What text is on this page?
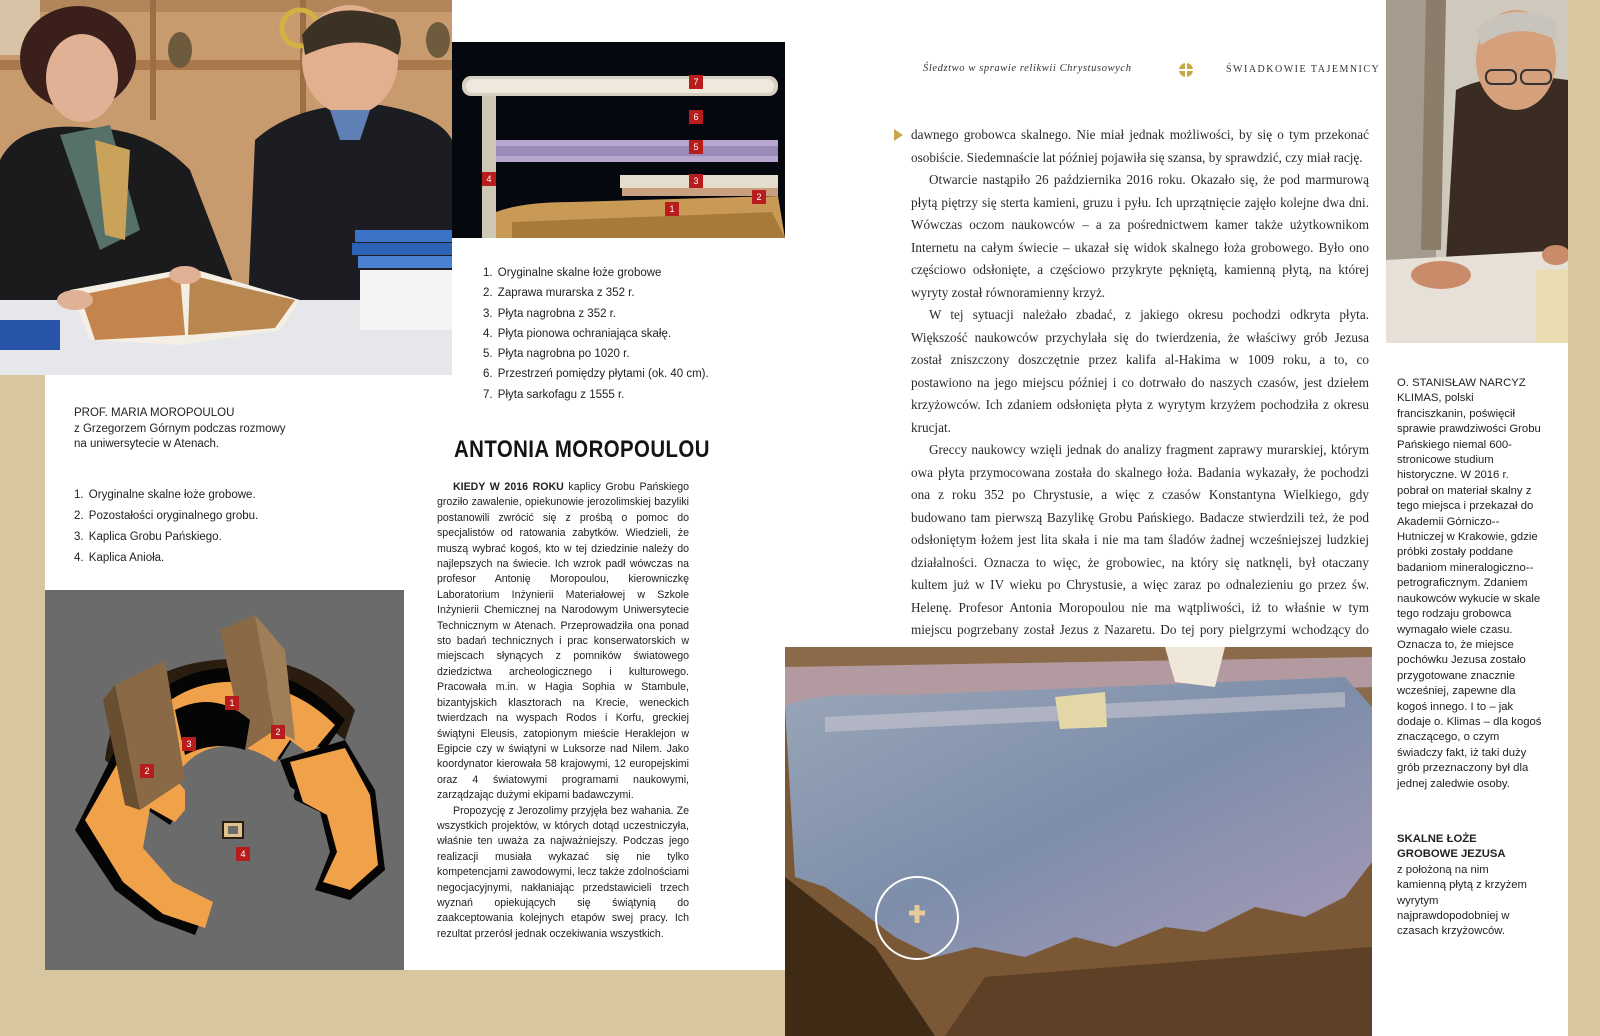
PROF. MARIA MOROPOULOU
z Grzegorzem Górnym podczas rozmowy na uniwersytecie w Atenach.
1. Oryginalne skalne łoże grobowe.
2. Pozostałości oryginalnego grobu.
3. Kaplica Grobu Pańskiego.
4. Kaplica Anioła.
1
2
2
3
4
7
6
5
4	3
2
1
1. Oryginalne skalne łoże grobowe
2. Zaprawa murarska z 352 r.
3. Płyta nagrobna z 352 r.
4. Płyta pionowa ochraniająca skałę.
5. Płyta nagrobna po 1020 r.
6. Przestrzeń pomiędzy płytami (ok. 40 cm).
7. Płyta sarkofagu z 1555 r.
ANTONIA MOROPOULOU

KIEDY W 2016 ROKU kaplicy Grobu Pańskiego groziło zawalenie, opiekunowie jerozolimskiej bazyliki postanowili zwrócić się z prośbą o pomoc do specjalistów od ratowania zabytków. Wiedzieli, że muszą wybrać kogoś, kto w tej dziedzinie należy do najlepszych na świecie. Ich wzrok padł wówczas na profesor Antonię Moropoulou, kierowniczkę Laboratorium Inżynierii Materiałowej w Szkole Inżynierii Chemicznej na Narodowym Uniwersytecie Technicznym w Atenach. Przeprowadziła ona ponad sto badań technicznych i prac konserwatorskich w miejscach słynących z pomników światowego dziedzictwa archeologicznego i kulturowego. Pracowała m.in. w Hagia Sophia w Stambule, bizantyjskich klasztorach na Krecie, weneckich twierdzach na wyspach Rodos i Korfu, greckiej świątyni Eleusis, zatopionym mieście Heraklejon w Egipcie czy w świątyni w Luksorze nad Nilem. Jako koordynator kierowała 58 krajowymi, 12 europejskimi oraz 4 światowymi programami naukowymi, zarządzając dużymi ekipami badawczymi.

Propozycję z Jerozolimy przyjęła bez wahania. Ze wszystkich projektów, w których dotąd uczestniczyła, właśnie ten uważa za najważniejszy. Podczas jego realizacji musiała wykazać się nie tylko kompetencjami zawodowymi, lecz także zdolnościami negocjacyjnymi, nakłaniając przedstawicieli trzech wyznań opiekujących się świątynią do zaakceptowania kolejnych etapów swej pracy. Ich rezultat przerósł jednak oczekiwania wszystkich.

Śledztwo w sprawie relikwii Chrystusowych	ŚWIADKOWIE TAJEMNICY

dawnego grobowca skalnego. Nie miał jednak możliwości, by się o tym przekonać osobiście. Siedemnaście lat później pojawiła się szansa, by sprawdzić, czy miał rację.

Otwarcie nastąpiło 26 października 2016 roku. Okazało się, że pod marmurową płytą piętrzy się sterta kamieni, gruzu i pyłu. Ich uprzątnięcie zajęło kolejne dwa dni. Wówczas oczom naukowców – a za pośrednictwem kamer także użytkownikom Internetu na całym świecie – ukazał się widok skalnego łoża grobowego. Było ono częściowo odsłonięte, a częściowo przykryte pękniętą, kamienną płytą, na której wyryty został równoramienny krzyż.

W tej sytuacji należało zbadać, z jakiego okresu pochodzi odkryta płyta. Większość naukowców przychylała się do twierdzenia, że właściwy grób Jezusa został zniszczony doszczętnie przez kalifa al-Hakima w 1009 roku, a to, co postawiono na jego miejscu później i co dotrwało do naszych czasów, jest dziełem krzyżowców. Ich zdaniem odsłonięta płyta z wyrytym krzyżem pochodziła z okresu krucjat.

Greccy naukowcy wzięli jednak do analizy fragment zaprawy murarskiej, którym owa płyta przymocowana została do skalnego łoża. Badania wykazały, że pochodzi ona z roku 352 po Chrystusie, a więc z czasów Konstantyna Wielkiego, gdy budowano tam pierwszą Bazylikę Grobu Pańskiego. Badacze stwierdzili też, że pod odsłoniętym łożem jest lita skała i nie ma tam śladów żadnej wcześniejszej ludzkiej działalności. Oznacza to więc, że grobowiec, na który się natknęli, był otaczany kultem już w IV wieku po Chrystusie, a więc zaraz po odnalezieniu go przez św. Helenę. Profesor Antonia Moropoulou nie ma wątpliwości, iż to właśnie w tym miejscu pogrzebany został Jezus z Nazaretu. Do tej pory pielgrzymi wchodzący do

O. STANISŁAW NARCYZ KLIMAS, polski franciszkanin, poświęcił sprawie prawdziwości Grobu Pańskiego niemal 600-stronicowe studium historyczne. W 2016 r. pobrał on materiał skalny z tego miejsca i przekazał do Akademii Górniczo--Hutniczej w Krakowie, gdzie próbki zostały poddane badaniom mineralogiczno--petrograficznym. Zdaniem naukowców wykucie w skale tego rodzaju grobowca wymagało wiele czasu. Oznacza to, że miejsce pochówku Jezusa zostało przygotowane znacznie wcześniej, zapewne dla kogoś innego. I to – jak dodaje o. Klimas – dla kogoś znaczącego, o czym świadczy fakt, iż taki duży grób przeznaczony był dla jednej zaledwie osoby.
SKALNE ŁOŻE GROBOWE JEZUSA
z położoną na nim kamienną płytą z krzyżem wyrytym najprawdopodobniej w czasach krzyżowców.
